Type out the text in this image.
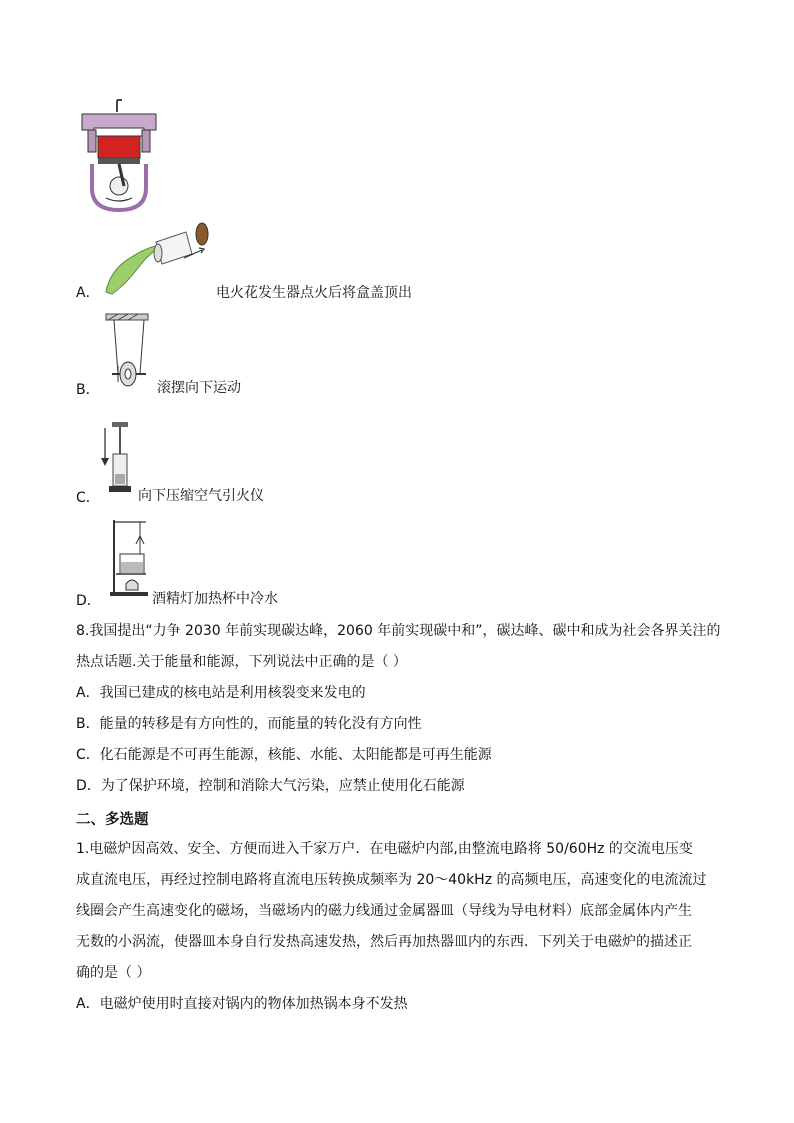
A．	电火花发生器点火后将盒盖顶出
B．	滚摆向下运动
C．	向下压缩空气引火仪
D．	酒精灯加热杯中冷水
8.我国提出“力争 2030 年前实现碳达峰，2060 年前实现碳中和”，碳达峰、碳中和成为社会各界关注的
热点话题.关于能量和能源，下列说法中正确的是（ ）
A．我国已建成的核电站是利用核裂变来发电的
B．能量的转移是有方向性的，而能量的转化没有方向性
C．化石能源是不可再生能源，核能、水能、太阳能都是可再生能源
D．为了保护环境，控制和消除大气污染，应禁止使用化石能源
二、多选题
1.电磁炉因高效、安全、方便而进入千家万户．在电磁炉内部,由整流电路将 50/60Hz 的交流电压变
成直流电压，再经过控制电路将直流电压转换成频率为 20～40kHz 的高频电压，高速变化的电流流过
线圈会产生高速变化的磁场，当磁场内的磁力线通过金属器皿（导线为导电材料）底部金属体内产生
无数的小涡流，使器皿本身自行发热高速发热，然后再加热器皿内的东西．下列关于电磁炉的描述正
确的是（ ）
A．电磁炉使用时直接对锅内的物体加热锅本身不发热
